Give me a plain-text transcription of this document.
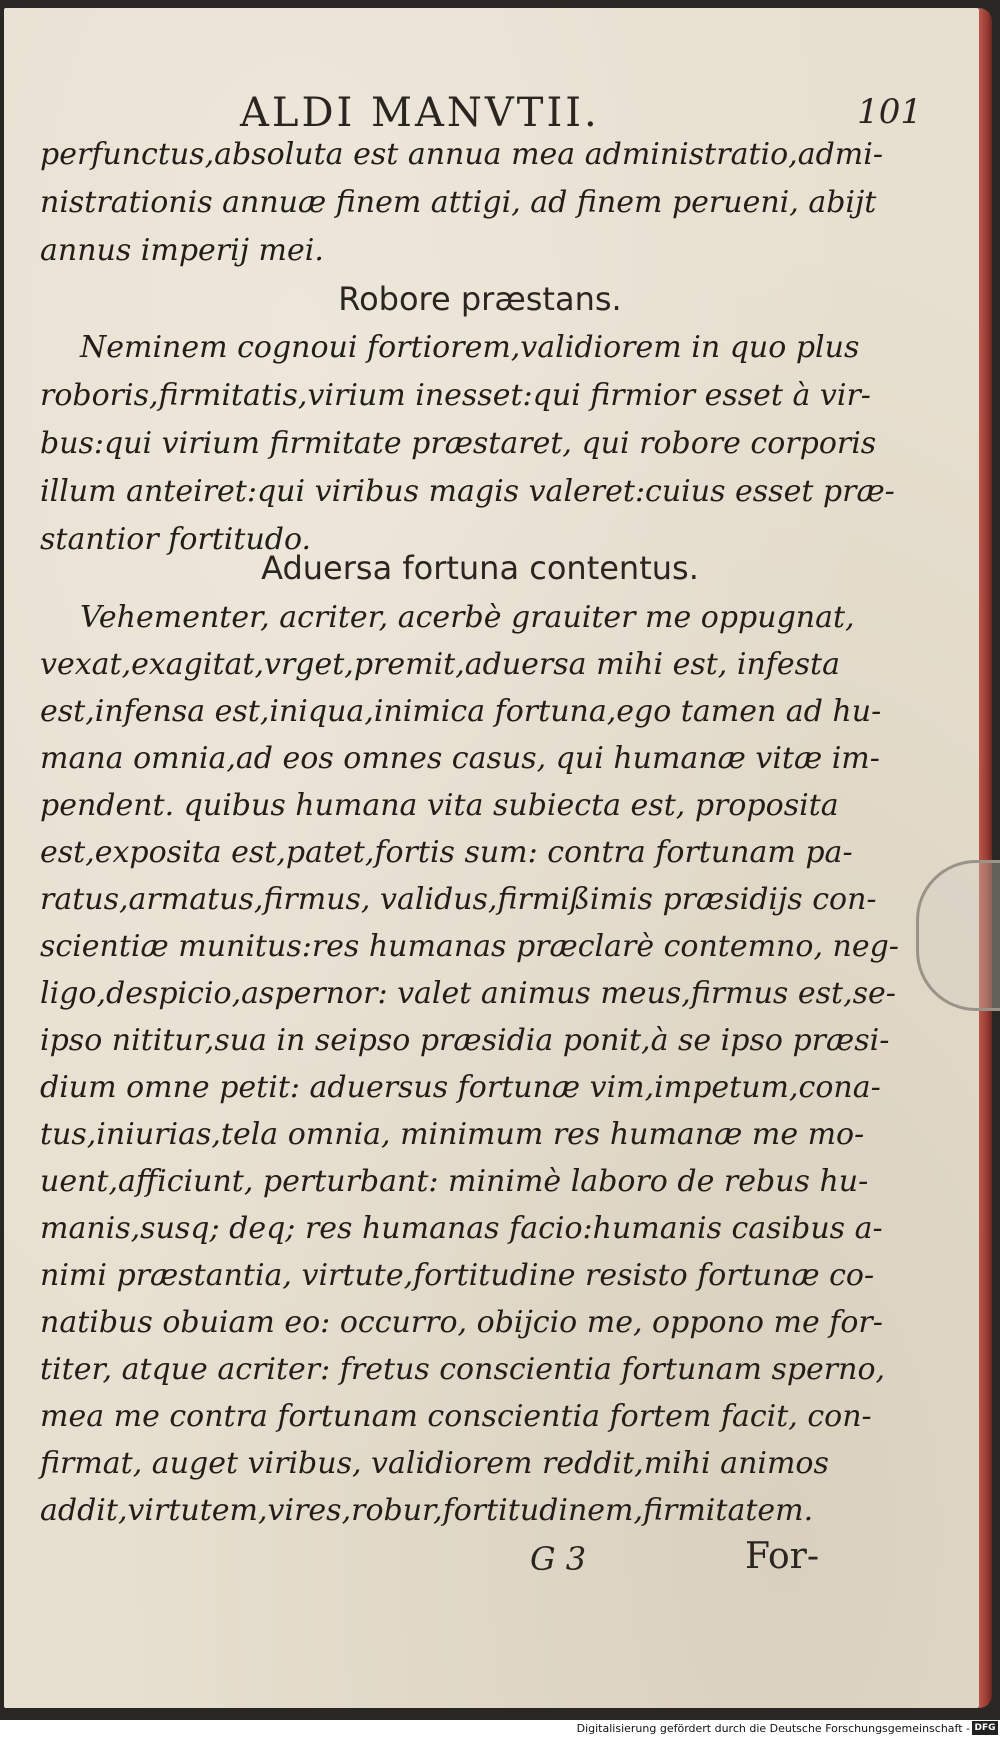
ALDI MANVTII.	101
perfunctus,absoluta est annua mea administratio,admi-
nistrationis annuæ finem attigi, ad finem perueni, abijt
annus imperij mei.
Robore præstans.
Neminem cognoui fortiorem,validiorem in quo plus
roboris,firmitatis,virium inesset:qui firmior esset à vir-
bus:qui virium firmitate præstaret, qui robore corporis
illum anteiret:qui viribus magis valeret:cuius esset præ-
stantior fortitudo.
Aduersa fortuna contentus.
Vehementer, acriter, acerbè grauiter me oppugnat,
vexat,exagitat,vrget,premit,aduersa mihi est, infesta
est,infensa est,iniqua,inimica fortuna,ego tamen ad hu-
mana omnia,ad eos omnes casus, qui humanæ vitæ im-
pendent. quibus humana vita subiecta est, proposita
est,exposita est,patet,fortis sum: contra fortunam pa-
ratus,armatus,firmus, validus,firmißimis præsidijs con-
scientiæ munitus:res humanas præclarè contemno, neg-
ligo,despicio,aspernor: valet animus meus,firmus est,se-
ipso nititur,sua in seipso præsidia ponit,à se ipso præsi-
dium omne petit: aduersus fortunæ vim,impetum,cona-
tus,iniurias,tela omnia, minimum res humanæ me mo-
uent,afficiunt, perturbant: minimè laboro de rebus hu-
manis,susq; deq; res humanas facio:humanis casibus a-
nimi præstantia, virtute,fortitudine resisto fortunæ co-
natibus obuiam eo: occurro, obijcio me, oppono me for-
titer, atque acriter: fretus conscientia fortunam sperno,
mea me contra fortunam conscientia fortem facit, con-
firmat, auget viribus, validiorem reddit,mihi animos
addit,virtutem,vires,robur,fortitudinem,firmitatem.
G 3	For-
Digitalisierung gefördert durch die Deutsche Forschungsgemeinschaft - DFG
